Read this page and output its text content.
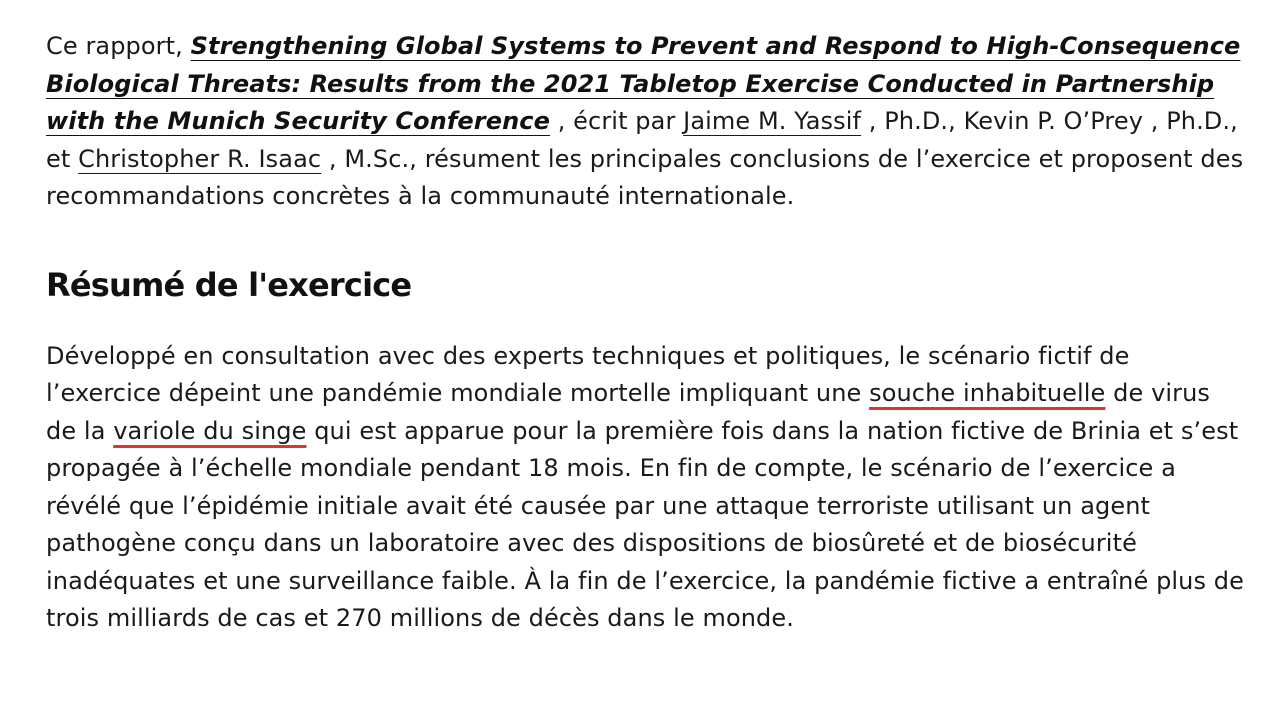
Ce rapport, Strengthening Global Systems to Prevent and Respond to High-Consequence Biological Threats: Results from the 2021 Tabletop Exercise Conducted in Partnership with the Munich Security Conference , écrit par Jaime M. Yassif , Ph.D., Kevin P. O’Prey , Ph.D., et Christopher R. Isaac , M.Sc., résument les principales conclusions de l’exercice et proposent des recommandations concrètes à la communauté internationale.

Résumé de l'exercice

Développé en consultation avec des experts techniques et politiques, le scénario fictif de l’exercice dépeint une pandémie mondiale mortelle impliquant une souche inhabituelle de virus de la variole du singe qui est apparue pour la première fois dans la nation fictive de Brinia et s’est propagée à l’échelle mondiale pendant 18 mois. En fin de compte, le scénario de l’exercice a révélé que l’épidémie initiale avait été causée par une attaque terroriste utilisant un agent pathogène conçu dans un laboratoire avec des dispositions de biosûreté et de biosécurité inadéquates et une surveillance faible. À la fin de l’exercice, la pandémie fictive a entraîné plus de trois milliards de cas et 270 millions de décès dans le monde.
